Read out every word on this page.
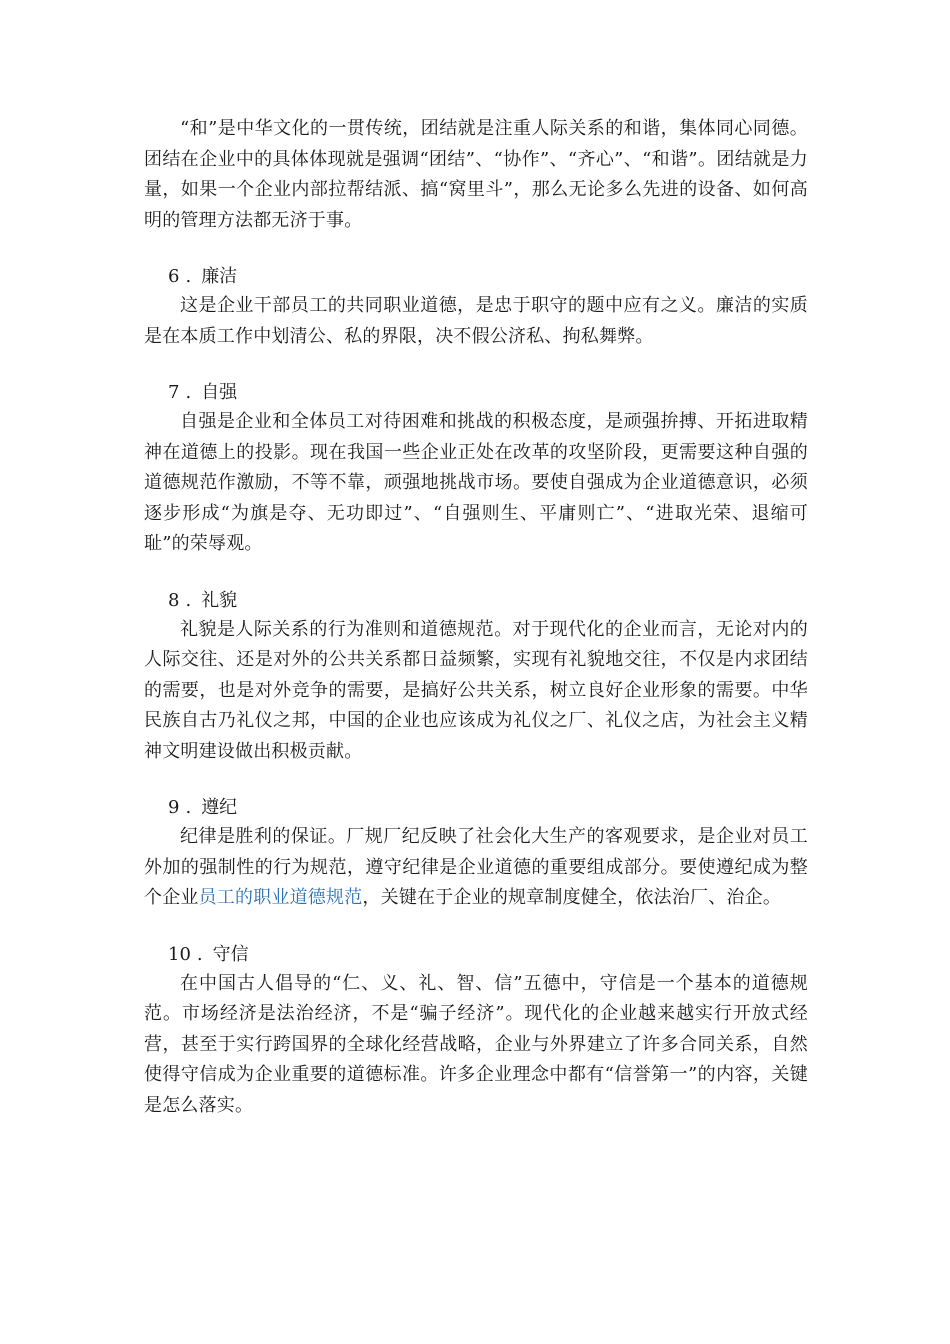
“和”是中华文化的一贯传统，团结就是注重人际关系的和谐，集体同心同德。团结在企业中的具体体现就是强调“团结”、“协作”、“齐心”、“和谐”。团结就是力量，如果一个企业内部拉帮结派、搞“窝里斗”，那么无论多么先进的设备、如何高明的管理方法都无济于事。

6 . 廉洁

这是企业干部员工的共同职业道德，是忠于职守的题中应有之义。廉洁的实质是在本质工作中划清公、私的界限，决不假公济私、拘私舞弊。

7 . 自强

自强是企业和全体员工对待困难和挑战的积极态度，是顽强拚搏、开拓进取精神在道德上的投影。现在我国一些企业正处在改革的攻坚阶段，更需要这种自强的道德规范作激励，不等不靠，顽强地挑战市场。要使自强成为企业道德意识，必须逐步形成“为旗是夺、无功即过”、“自强则生、平庸则亡”、“进取光荣、退缩可耻”的荣辱观。

8 . 礼貌

礼貌是人际关系的行为准则和道德规范。对于现代化的企业而言，无论对内的人际交往、还是对外的公共关系都日益频繁，实现有礼貌地交往，不仅是内求团结的需要，也是对外竞争的需要，是搞好公共关系，树立良好企业形象的需要。中华民族自古乃礼仪之邦，中国的企业也应该成为礼仪之厂、礼仪之店，为社会主义精神文明建设做出积极贡献。

9 . 遵纪

纪律是胜利的保证。厂规厂纪反映了社会化大生产的客观要求，是企业对员工外加的强制性的行为规范，遵守纪律是企业道德的重要组成部分。要使遵纪成为整个企业员工的职业道德规范，关键在于企业的规章制度健全，依法治厂、治企。

10 . 守信

在中国古人倡导的“仁、义、礼、智、信”五德中，守信是一个基本的道德规范。市场经济是法治经济，不是“骗子经济”。现代化的企业越来越实行开放式经营，甚至于实行跨国界的全球化经营战略，企业与外界建立了许多合同关系，自然使得守信成为企业重要的道德标准。许多企业理念中都有“信誉第一”的内容，关键是怎么落实。
